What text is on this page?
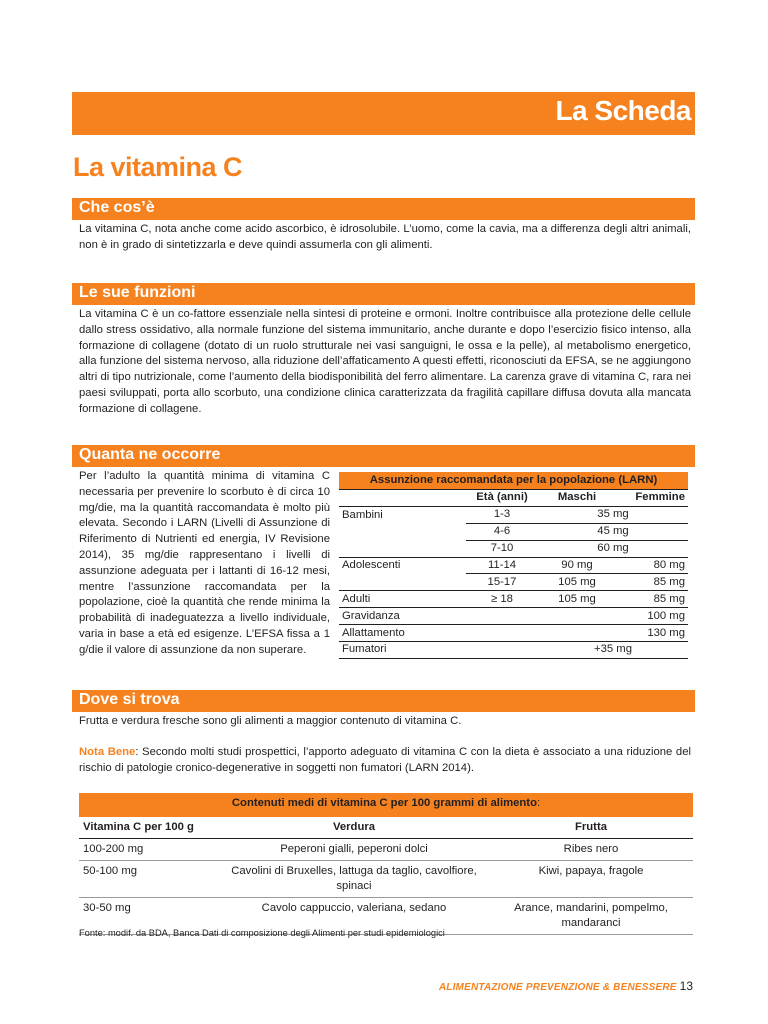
La Scheda
La vitamina C
Che cos’è
La vitamina C, nota anche come acido ascorbico, è idrosolubile. L’uomo, come la cavia, ma a differenza degli altri animali, non è in grado di sintetizzarla e deve quindi assumerla con gli alimenti.
Le sue funzioni
La vitamina C è un co-fattore essenziale nella sintesi di proteine e ormoni. Inoltre contribuisce alla protezione delle cellule dallo stress ossidativo, alla normale funzione del sistema immunitario, anche durante e dopo l’esercizio fisico intenso, alla formazione di collagene (dotato di un ruolo strutturale nei vasi sanguigni, le ossa e la pelle), al metabolismo energetico, alla funzione del sistema nervoso, alla riduzione dell’affaticamento A questi effetti, riconosciuti da EFSA, se ne aggiungono altri di tipo nutrizionale, come l’aumento della biodisponibilità del ferro alimentare. La carenza grave di vitamina C, rara nei paesi sviluppati, porta allo scorbuto, una condizione clinica caratterizzata da fragilità capillare diffusa dovuta alla mancata formazione di collagene.
Quanta ne occorre
Per l’adulto la quantità minima di vitamina C necessaria per prevenire lo scorbuto è di circa 10 mg/die, ma la quantità raccomandata è molto più elevata. Secondo i LARN (Livelli di Assunzione di Riferimento di Nutrienti ed energia, IV Revisione 2014), 35 mg/die rappresentano i livelli di assunzione adeguata per i lattanti di 16-12 mesi, mentre l’assunzione raccomandata per la popolazione, cioè la quantità che rende minima la probabilità di inadeguatezza a livello individuale, varia in base a età ed esigenze. L’EFSA fissa a 1 g/die il valore di assunzione da non superare.
Assunzione raccomandata per la popolazione (LARN)			
	Età (anni)	Maschi	Femmine
Bambini	1-3	35 mg	
	4-6	45 mg	
	7-10	60 mg	
Adolescenti	11-14	90 mg	80 mg
	15-17	105 mg	85 mg
Adulti	≥ 18	105 mg	85 mg
Gravidanza			100 mg
Allattamento			130 mg
Fumatori		+35 mg	
Dove si trova
Frutta e verdura fresche sono gli alimenti a maggior contenuto di vitamina C.
Nota Bene: Secondo molti studi prospettici, l’apporto adeguato di vitamina C con la dieta è associato a una riduzione del rischio di patologie cronico-degenerative in soggetti non fumatori (LARN 2014).
Contenuti medi di vitamina C per 100 grammi di alimento:		
Vitamina C per 100 g	Verdura	Frutta
100-200 mg	Peperoni gialli, peperoni dolci	Ribes nero
50-100 mg	Cavolini di Bruxelles, lattuga da taglio, cavolfiore, spinaci	Kiwi, papaya, fragole
30-50 mg	Cavolo cappuccio, valeriana, sedano	Arance, mandarini, pompelmo, mandaranci
Fonte: modif. da BDA, Banca Dati di composizione degli Alimenti per studi epidemiologici
ALIMENTAZIONE PREVENZIONE & BENESSERE 13
